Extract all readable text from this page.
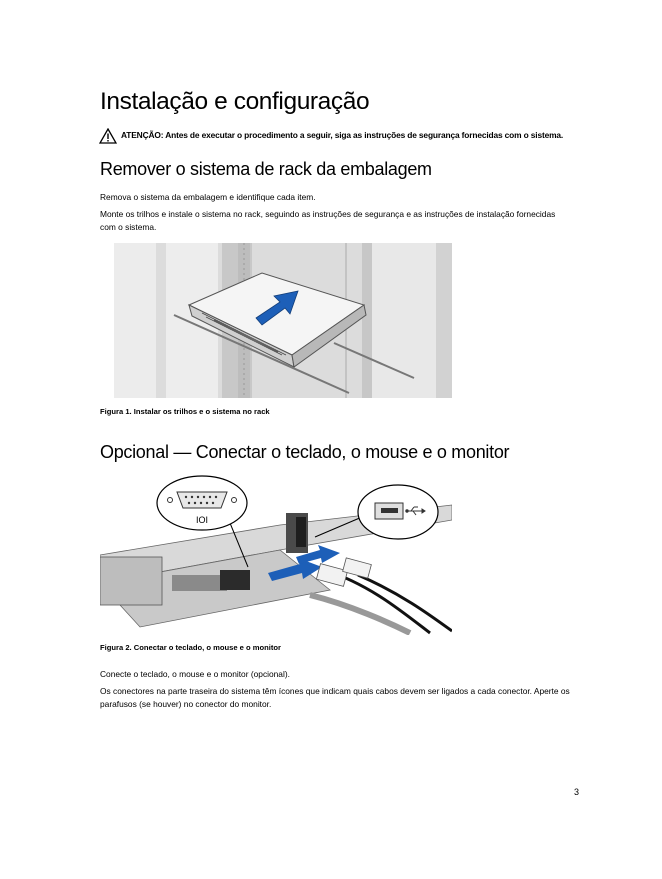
Instalação e configuração
ATENÇÃO: Antes de executar o procedimento a seguir, siga as instruções de segurança fornecidas com o sistema.
Remover o sistema de rack da embalagem
Remova o sistema da embalagem e identifique cada item.
Monte os trilhos e instale o sistema no rack, seguindo as instruções de segurança e as instruções de instalação fornecidas com o sistema.
Figura 1. Instalar os trilhos e o sistema no rack
Opcional — Conectar o teclado, o mouse e o monitor
IOI
Figura 2. Conectar o teclado, o mouse e o monitor
Conecte o teclado, o mouse e o monitor (opcional).
Os conectores na parte traseira do sistema têm ícones que indicam quais cabos devem ser ligados a cada conector. Aperte os parafusos (se houver) no conector do monitor.
3
